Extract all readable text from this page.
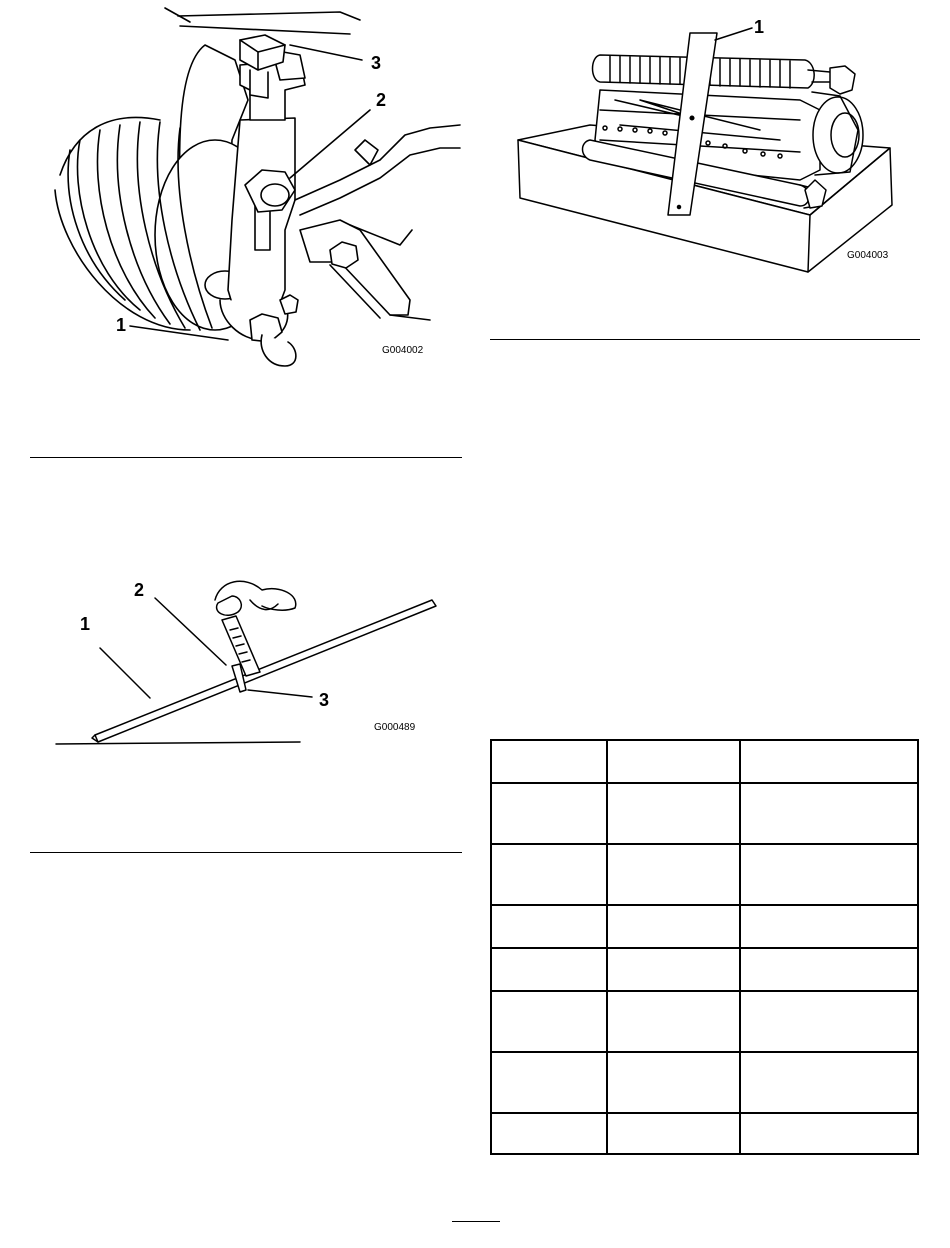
3
2
1
G004002
2
1
3
G000489
1
G004003
